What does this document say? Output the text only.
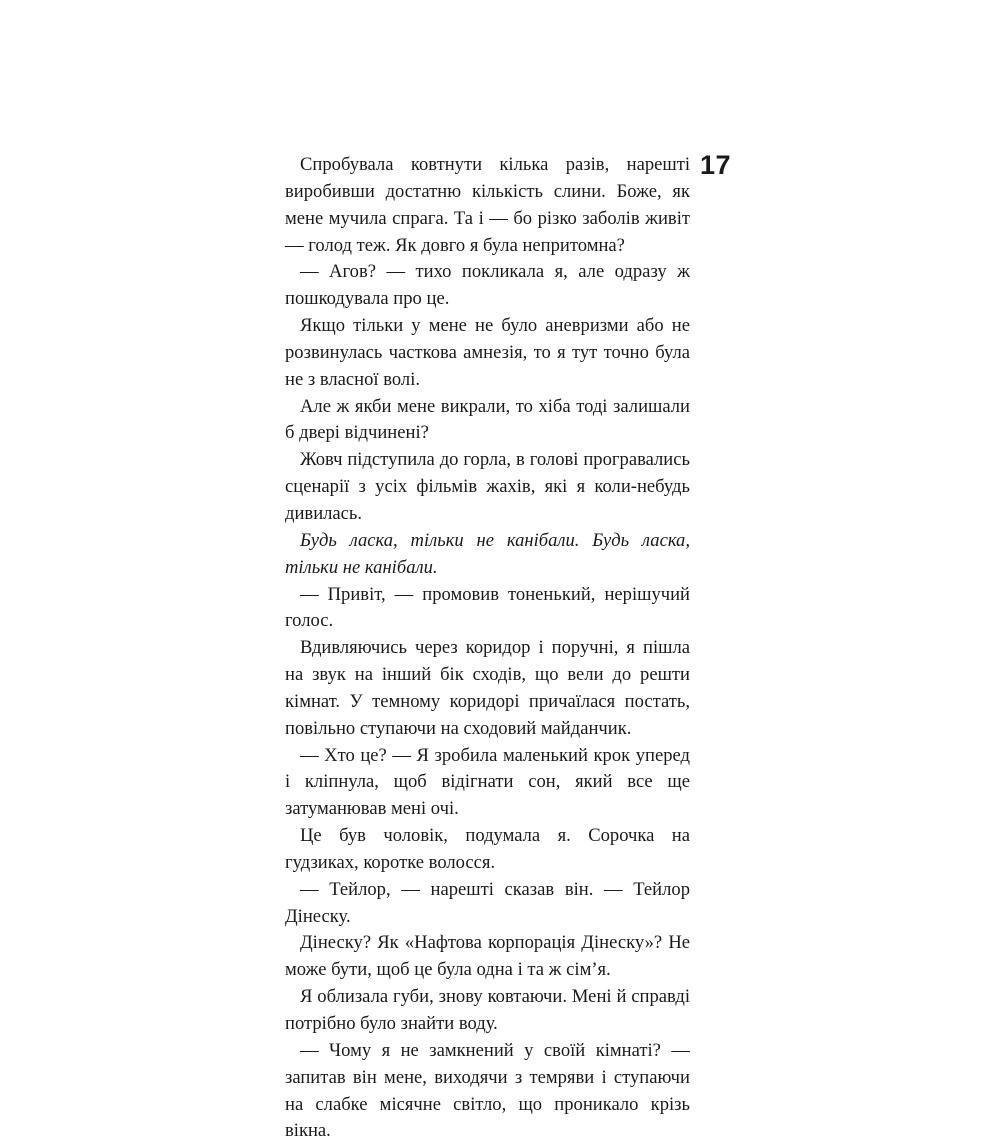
17

Спробувала ковтнути кілька разів, нарешті виробивши достатню кількість слини. Боже, як мене мучила спрага. Та і — бо різко заболів живіт — голод теж. Як довго я була непритомна?

— Агов? — тихо покликала я, але одразу ж пошкодувала про це.

Якщо тільки у мене не було аневризми або не розвинулась часткова амнезія, то я тут точно була не з власної волі.

Але ж якби мене викрали, то хіба тоді залишали б двері відчинені?

Жовч підступила до горла, в голові програвались сценарії з усіх фільмів жахів, які я коли-небудь дивилась.

Будь ласка, тільки не канібали. Будь ласка, тільки не канібали.

— Привіт, — промовив тоненький, нерішучий голос.

Вдивляючись через коридор і поручні, я пішла на звук на інший бік сходів, що вели до решти кімнат. У темному коридорі причаїлася постать, повільно ступаючи на сходовий майданчик.

— Хто це? — Я зробила маленький крок уперед і кліпнула, щоб відігнати сон, який все ще затуманював мені очі.

Це був чоловік, подумала я. Сорочка на гудзиках, коротке волосся.

— Тейлор, — нарешті сказав він. — Тейлор Дінеску.

Дінеску? Як «Нафтова корпорація Дінеску»? Не може бути, щоб це була одна і та ж сім’я.

Я облизала губи, знову ковтаючи. Мені й справді потрібно було знайти воду.

— Чому я не замкнений у своїй кімнаті? — запитав він мене, виходячи з темряви і ступаючи на слабке місячне світло, що проникало крізь вікна.
